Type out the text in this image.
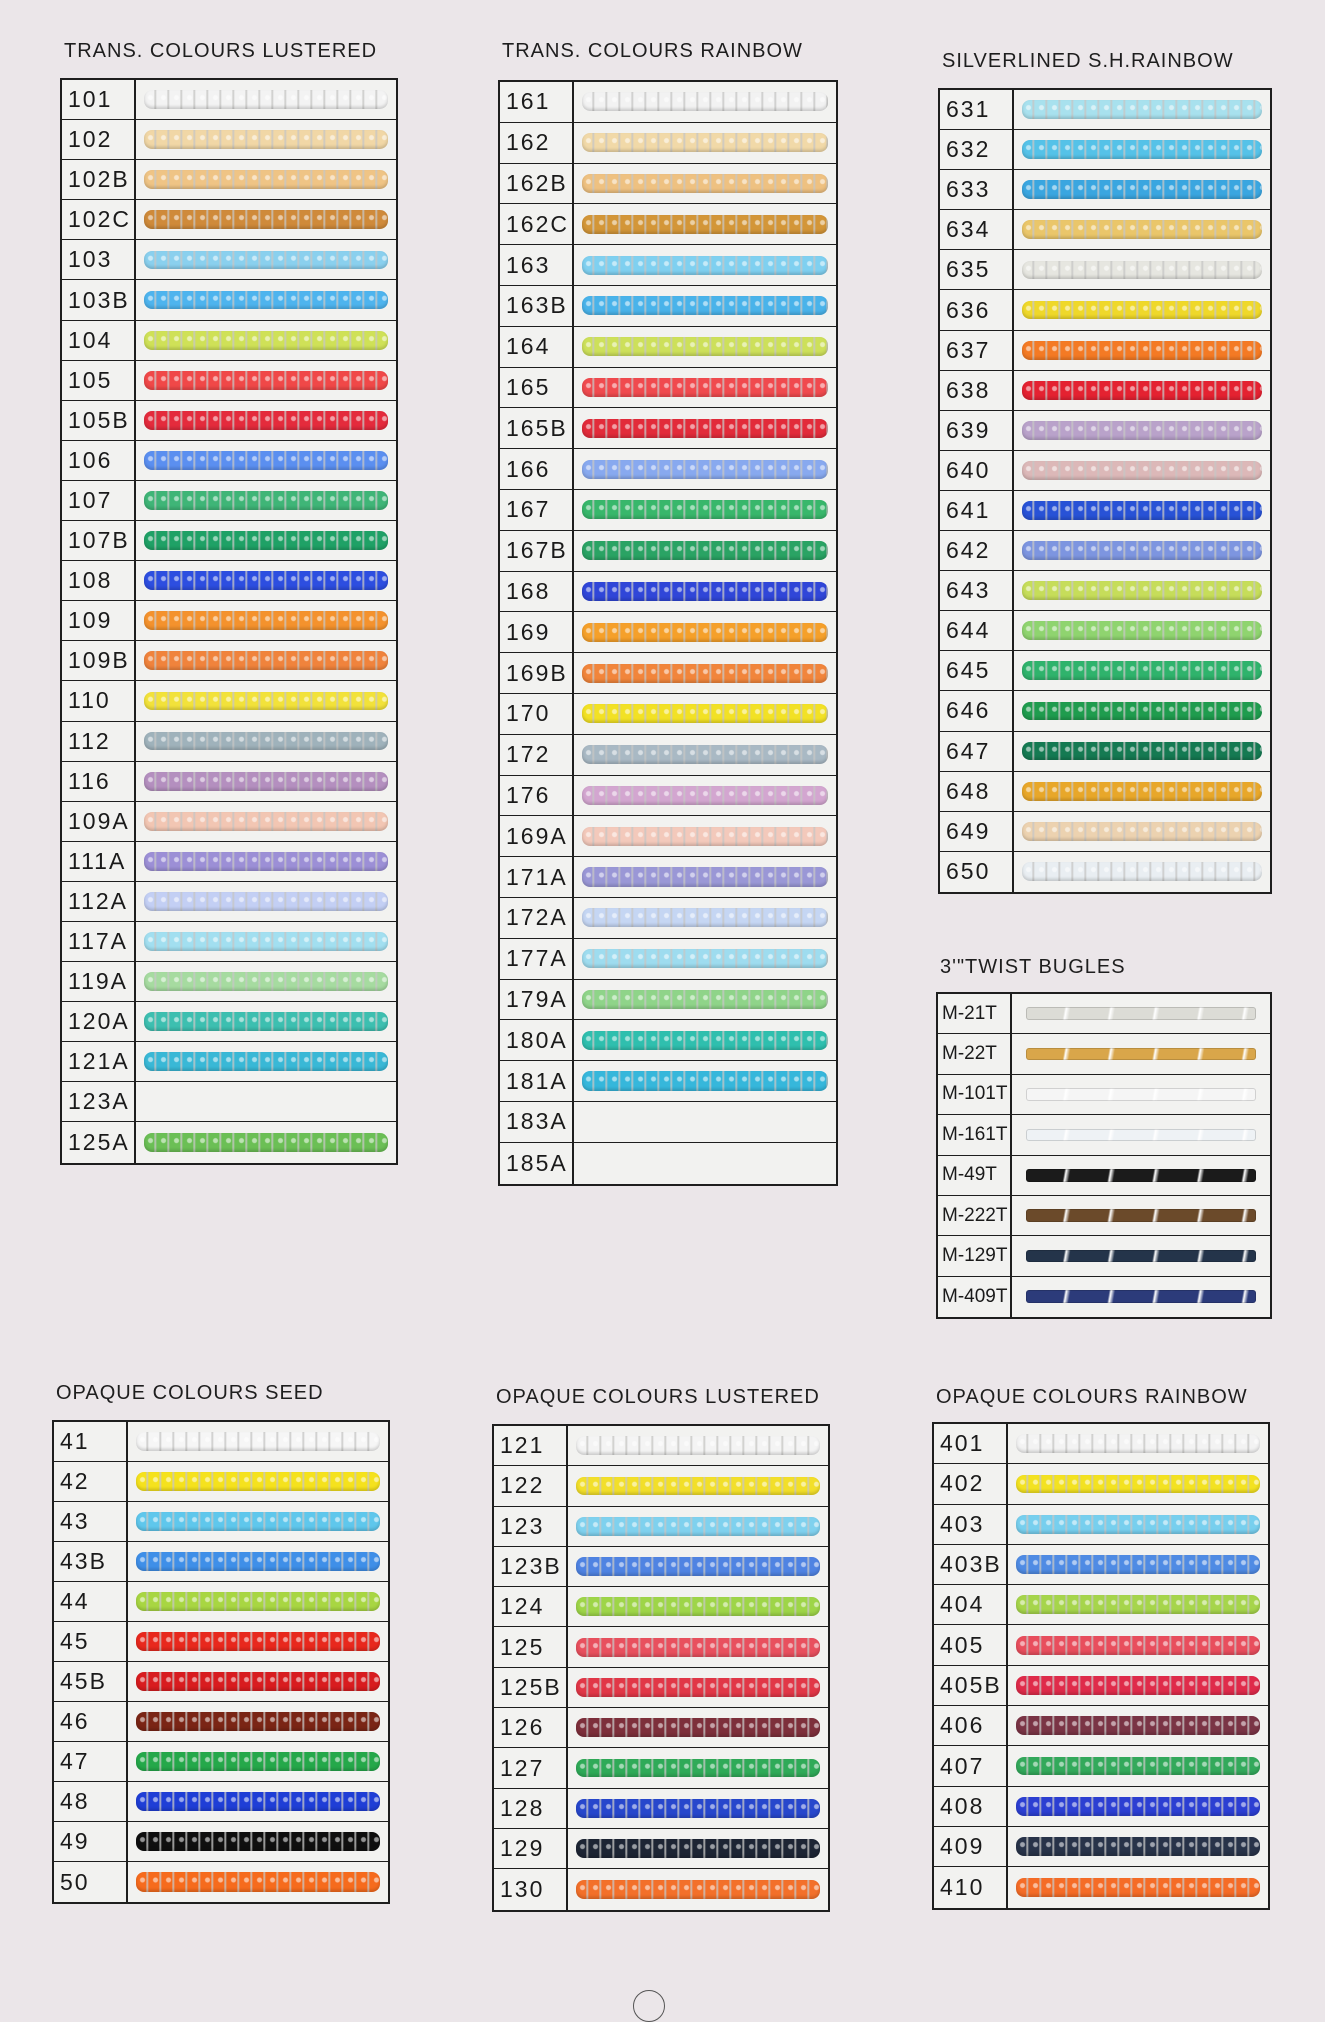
TRANS. COLOURS LUSTERED
101
102
102B
102C
103
103B
104
105
105B
106
107
107B
108
109
109B
110
112
116
109A
111A
112A
117A
119A
120A
121A
123A
125A
TRANS. COLOURS RAINBOW
161
162
162B
162C
163
163B
164
165
165B
166
167
167B
168
169
169B
170
172
176
169A
171A
172A
177A
179A
180A
181A
183A
185A
SILVERLINED S.H.RAINBOW
631
632
633
634
635
636
637
638
639
640
641
642
643
644
645
646
647
648
649
650
3'"TWIST BUGLES
M-21T
M-22T
M-101T
M-161T
M-49T
M-222T
M-129T
M-409T
OPAQUE COLOURS SEED
41
42
43
43B
44
45
45B
46
47
48
49
50
OPAQUE COLOURS LUSTERED
121
122
123
123B
124
125
125B
126
127
128
129
130
OPAQUE COLOURS RAINBOW
401
402
403
403B
404
405
405B
406
407
408
409
410
